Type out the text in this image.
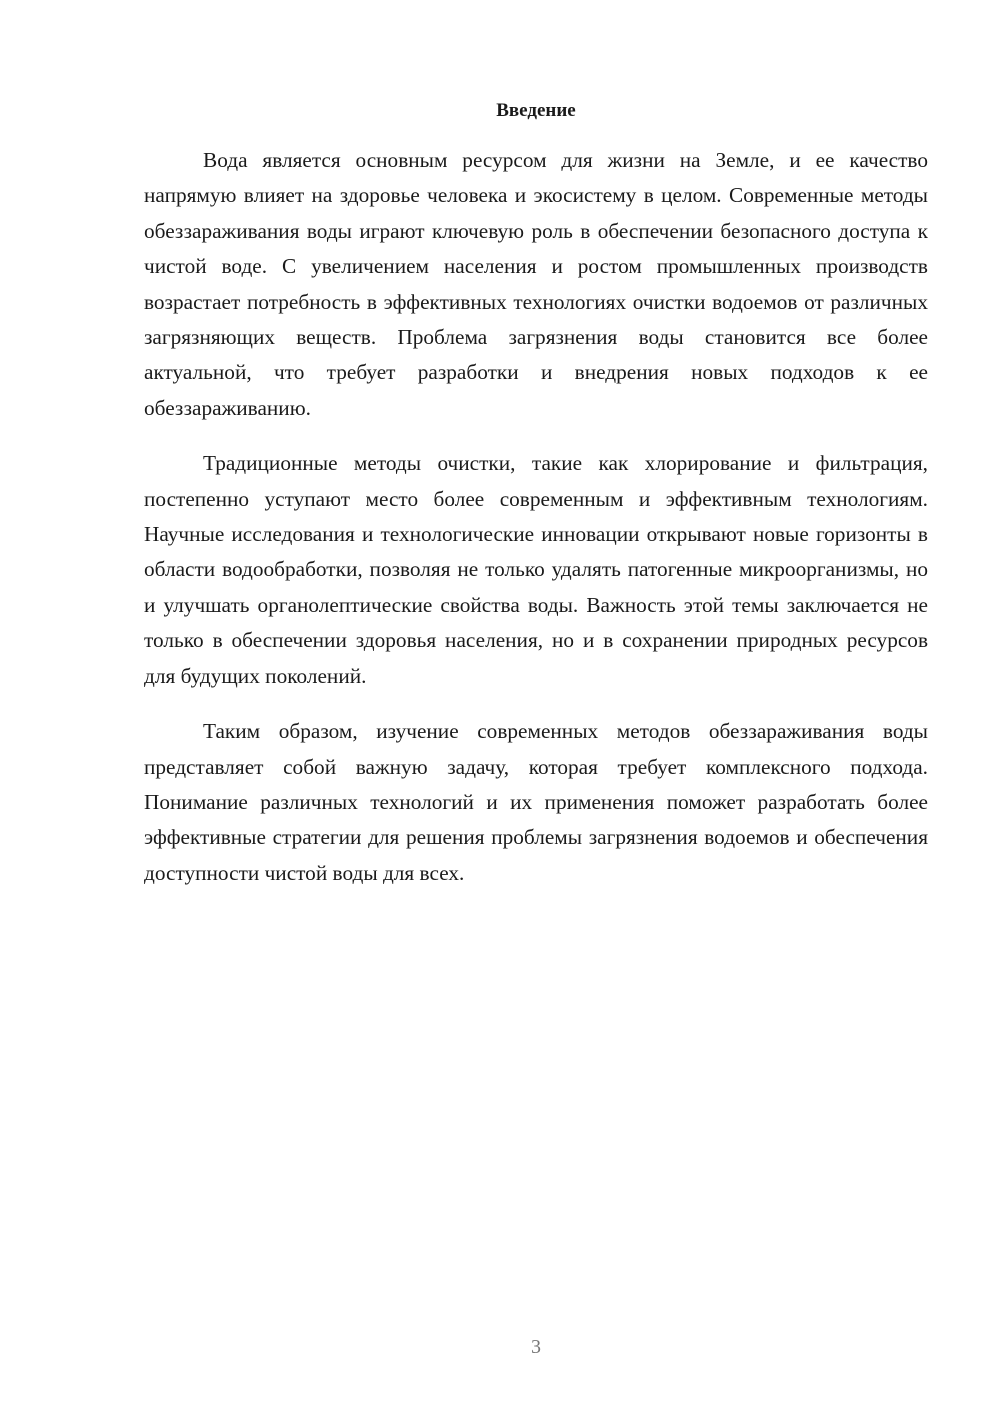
Введение

Вода является основным ресурсом для жизни на Земле, и ее качество напрямую влияет на здоровье человека и экосистему в целом. Современные методы обеззараживания воды играют ключевую роль в обеспечении безопасного доступа к чистой воде. С увеличением населения и ростом промышленных производств возрастает потребность в эффективных технологиях очистки водоемов от различных загрязняющих веществ. Проблема загрязнения воды становится все более актуальной, что требует разработки и внедрения новых подходов к ее обеззараживанию.

Традиционные методы очистки, такие как хлорирование и фильтрация, постепенно уступают место более современным и эффективным технологиям. Научные исследования и технологические инновации открывают новые горизонты в области водообработки, позволяя не только удалять патогенные микроорганизмы, но и улучшать органолептические свойства воды. Важность этой темы заключается не только в обеспечении здоровья населения, но и в сохранении природных ресурсов для будущих поколений.

Таким образом, изучение современных методов обеззараживания воды представляет собой важную задачу, которая требует комплексного подхода. Понимание различных технологий и их применения поможет разработать более эффективные стратегии для решения проблемы загрязнения водоемов и обеспечения доступности чистой воды для всех.

3
